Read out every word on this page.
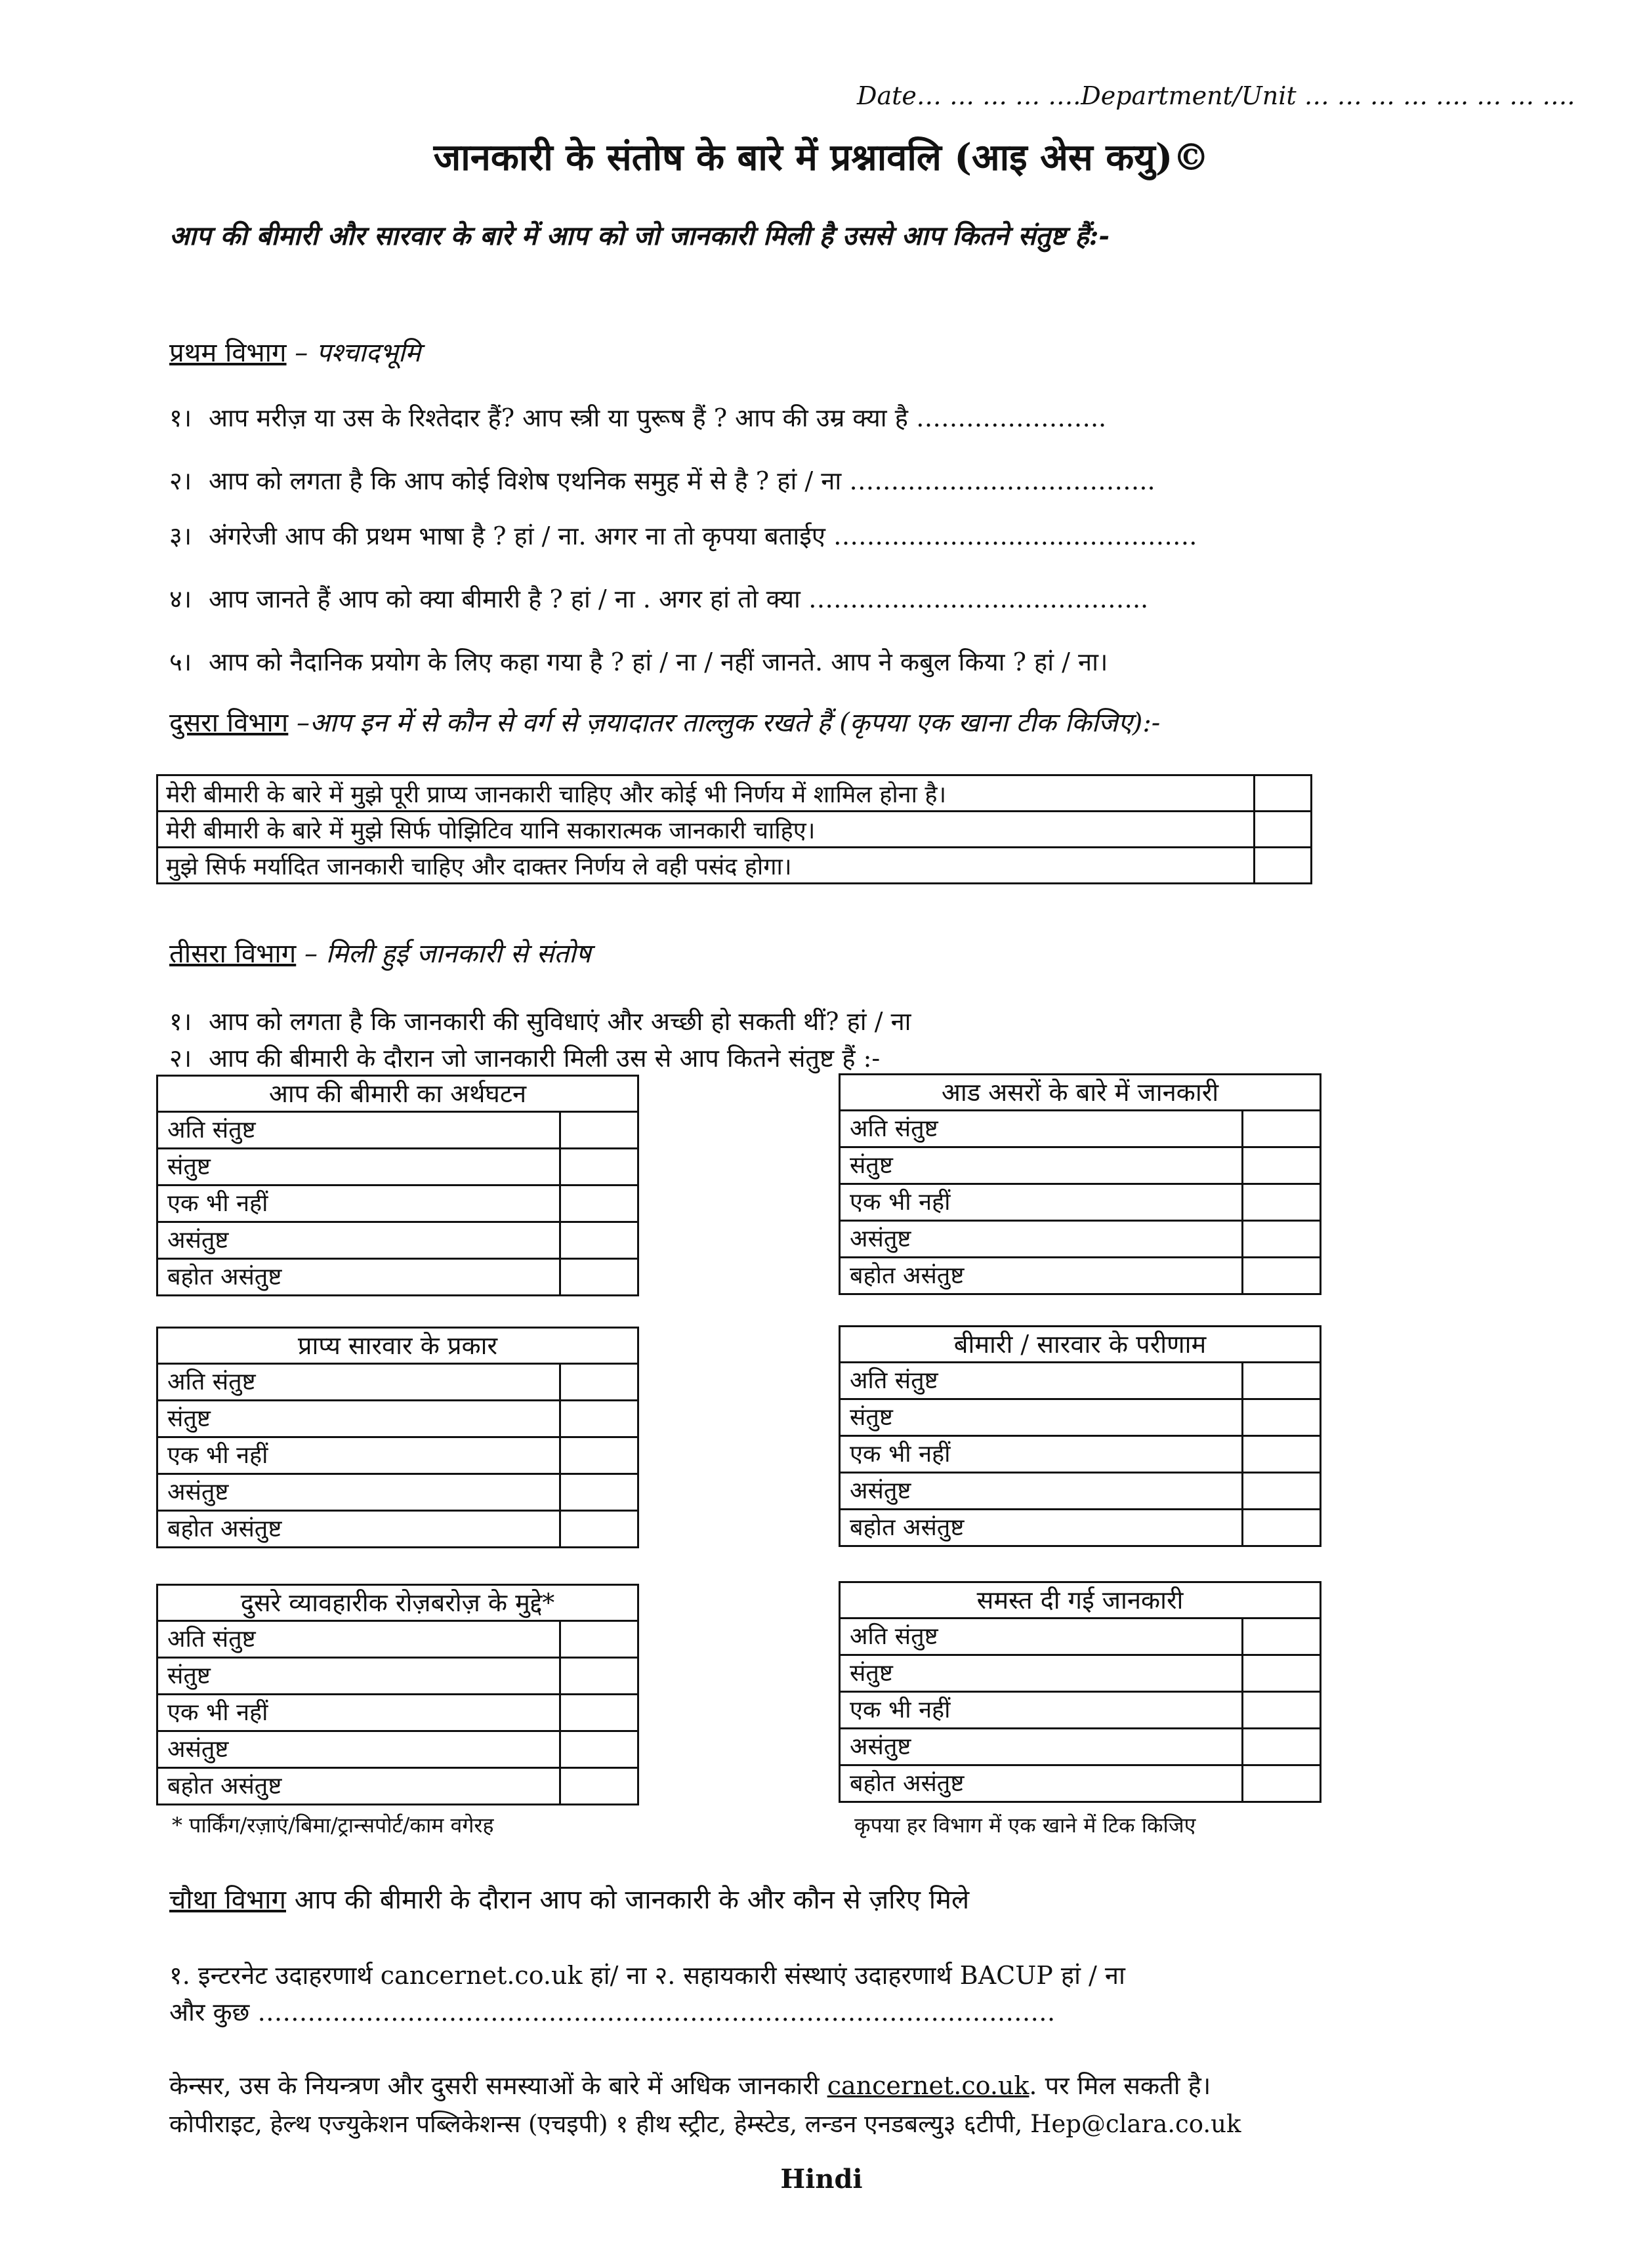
Date… … … … ….Department/Unit … … … … …. … … ….
जानकारी के संतोष के बारे में प्रश्नावलि (आइ अेस कयु)©
आप की बीमारी और सारवार के बारे में आप को जो जानकारी मिली है उससे आप कितने संतुष्ट हैं:-
प्रथम विभाग – पश्चादभूमि
१। आप मरीज़ या उस के रिश्तेदार हैं? आप स्त्री या पुरूष हैं ? आप की उम्र क्या है …………………..
२। आप को लगता है कि आप कोई विशेष एथनिक समुह में से है ? हां / ना ……………..………………..
३। अंगरेजी आप की प्रथम भाषा है ? हां / ना. अगर ना तो कृपया बताईए …………………..…..…………….
४। आप जानते हैं आप को क्या बीमारी है ? हां / ना . अगर हां तो क्या …………………………………..
५। आप को नैदानिक प्रयोग के लिए कहा गया है ? हां / ना / नहीं जानते. आप ने कबुल किया ? हां / ना।
दुसरा विभाग –आप इन में से कौन से वर्ग से ज़यादातर ताल्लुक रखते हैं (कृपया एक खाना टीक किजिए):-
मेरी बीमारी के बारे में मुझे पूरी प्राप्य जानकारी चाहिए और कोई भी निर्णय में शामिल होना है।	
मेरी बीमारी के बारे में मुझे सिर्फ पोझिटिव यानि सकारात्मक जानकारी चाहिए।	
मुझे सिर्फ मर्यादित जानकारी चाहिए और दाक्तर निर्णय ले वही पसंद होगा।	
तीसरा विभाग – मिली हुई जानकारी से संतोष
१। आप को लगता है कि जानकारी की सुविधाएं और अच्छी हो सकती थीं? हां / ना
२। आप की बीमारी के दौरान जो जानकारी मिली उस से आप कितने संतुष्ट हैं :-
आप की बीमारी का अर्थघटन
अति संतुष्ट
संतुष्ट
एक भी नहीं
असंतुष्ट
बहोत असंतुष्ट
आड असरों के बारे में जानकारी
अति संतुष्ट
संतुष्ट
एक भी नहीं
असंतुष्ट
बहोत असंतुष्ट
प्राप्य सारवार के प्रकार
अति संतुष्ट
संतुष्ट
एक भी नहीं
असंतुष्ट
बहोत असंतुष्ट
बीमारी / सारवार के परीणाम
अति संतुष्ट
संतुष्ट
एक भी नहीं
असंतुष्ट
बहोत असंतुष्ट
दुसरे व्यावहारीक रोज़बरोज़ के मुद्दे*
अति संतुष्ट
संतुष्ट
एक भी नहीं
असंतुष्ट
बहोत असंतुष्ट
समस्त दी गई जानकारी
अति संतुष्ट
संतुष्ट
एक भी नहीं
असंतुष्ट
बहोत असंतुष्ट
* पार्किंग/रज़ाएं/बिमा/ट्रान्सपोर्ट/काम वगेरह	कृपया हर विभाग में एक खाने में टिक किजिए
चौथा विभाग आप की बीमारी के दौरान आप को जानकारी के और कौन से ज़रिए मिले
१. इन्टरनेट उदाहरणार्थ cancernet.co.uk हां/ ना २. सहायकारी संस्थाएं उदाहरणार्थ BACUP हां / ना
और कुछ ……………………………………………………………………………………
केन्सर, उस के नियन्त्रण और दुसरी समस्याओं के बारे में अधिक जानकारी cancernet.co.uk. पर मिल सकती है।
कोपीराइट, हेल्थ एज्युकेशन पब्लिकेशन्स (एचइपी) १ हीथ स्ट्रीट, हेम्स्टेड, लन्डन एनडबल्यु३ ६टीपी, Hep@clara.co.uk
Hindi
